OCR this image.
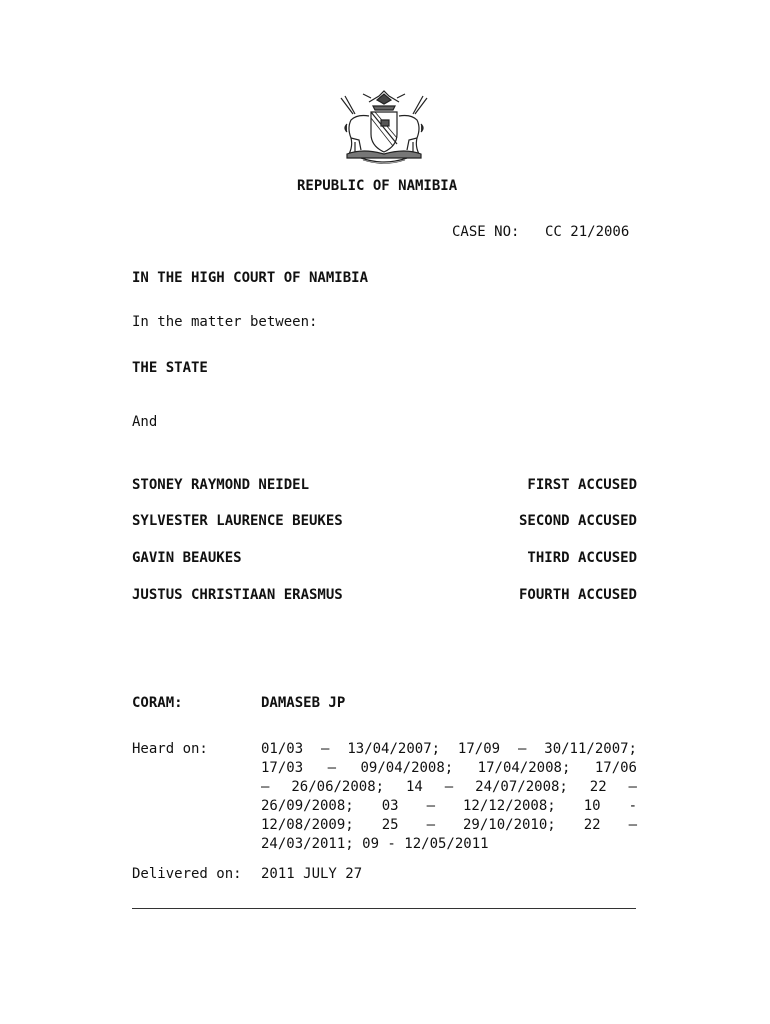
REPUBLIC OF NAMIBIA
CASE NO: CC 21/2006
IN THE HIGH COURT OF NAMIBIA
In the matter between:
THE STATE
And
STONEY RAYMOND NEIDEL	FIRST ACCUSED
SYLVESTER LAURENCE BEUKES	SECOND ACCUSED
GAVIN BEAUKES	THIRD ACCUSED
JUSTUS CHRISTIAAN ERASMUS	FOURTH ACCUSED
CORAM:	DAMASEB JP
Heard on:	01/03 – 13/04/2007; 17/09 – 30/11/2007;
17/03 – 09/04/2008; 17/04/2008; 17/06
– 26/06/2008; 14 – 24/07/2008; 22 –
26/09/2008; 03 – 12/12/2008; 10 -
12/08/2009; 25 – 29/10/2010; 22 –
24/03/2011; 09 - 12/05/2011
Delivered on: 2011 JULY 27
